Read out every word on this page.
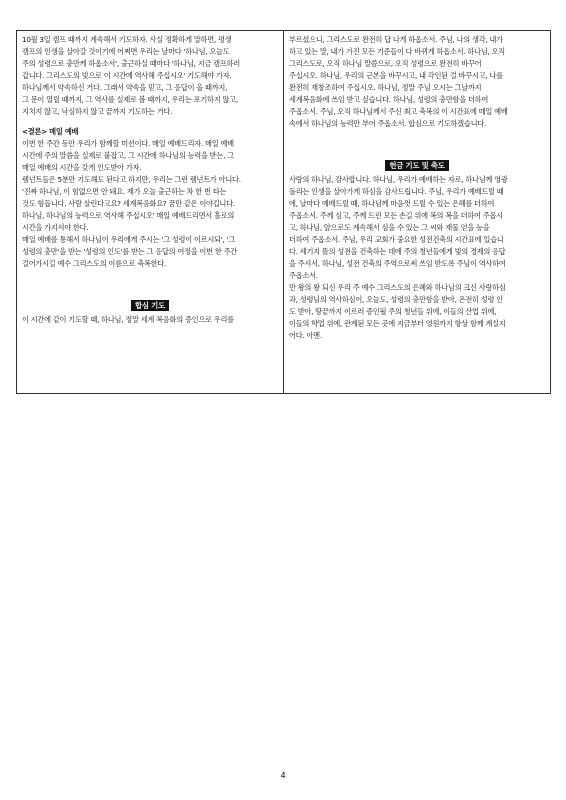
10월 3일 캠프 때까지 계속해서 기도하자. 사실 정확하게 말하면, 평생

캠프의 인생을 살아갈 것이기에 어쩌면 우리는 날마다 '하나님, 오늘도

주의 성령으로 충만케 하옵소서', 출근하실 때마다 '하나님, 지금 캠프하러

갑니다. 그리스도의 빛으로 이 시간에 역사해 주십시오' 기도해야 가자.

하나님께서 약속하신 거다. 그래서 약속을 믿고, 그 응답이 올 때까지,

그 문이 열릴 때까지, 그 역사를 실제로 볼 때까지, 우리는 포기하지 않고,

지치지 않고, 낙심하지 않고 끝까지 기도하는 거다.

<결론> 매일 예배

이번 한 주간 동안 우리가 함께할 미션이다. 매일 예배드리자. 매일 예배

시간에 주의 말씀을 실제로 붙잡고, 그 시간에 하나님의 능력을 받는, 그

매일 예배의 시간을 갖게 인도받아 가자.

렘넌트들은 5분만 기도해도 된다고 하지만, 우리는 그런 렘넌트가 아니다.

'진짜 하나님, 이 힘없으면 안 돼요. 제가 오늘 출근하는 차 한 번 타는

것도 힘듭니다. 사람 살린다고요? 세계복음화요? 꿈만 같은 이야깁니다.

하나님, 하나님의 능력으로 역사해 주십시오' 매일 예배드리면서 홀로의

시간을 가지셔야 한다.

매일 예배를 통해서 하나님이 우리에게 주시는 '그 성령이 이르시되', '그

성령의 충만'을 받는 '성령의 인도'를 받는 그 응답의 여정을 이번 한 주간

걸어가시길 예수 그리스도의 이름으로 축복한다.

합심 기도

이 시간에 같이 기도할 때, 하나님, 정말 세계 복음화의 증인으로 우리를

부르셨으니, 그리스도로 완전히 답 나게 하옵소서. 주님, 나의 생각, 내가

하고 있는 말, 내가 가진 모든 기준들이 다 바뀌게 하옵소서. 하나님, 오직

그리스도로, 오직 하나님 말씀으로, 오직 성령으로 완전히 바꾸어

주십시오. 하나님, 우리의 근본을 바꾸시고, 내 각인된 걸 바꾸시고, 나를

완전히 재창조하여 주십시오. 하나님, 정말 주님 오시는 그날까지

세계복음화에 쓰임 받고 싶습니다. 하나님, 성령의 충만함을 더하여

주옵소서. 주님, 오직 하나님께서 주신 최고 축복의 이 시간표에 매일 예배

속에서 하나님의 능력만 부어 주옵소서. 합심으로 기도하겠습니다.

헌금 기도 및 축도

사랑의 하나님, 감사합니다. 하나님, 우리가 예배하는 자로, 하나님께 영광

돌리는 인생을 살아가게 하심을 감사드립니다. 주님, 우리가 예배드릴 때

에, 날마다 예배드릴 때, 하나님께 마음껏 드릴 수 있는 은혜를 더하여

주옵소서. 주께 심고, 주께 드린 모든 손길 위에 복의 복을 더하여 주옵시

고, 하나님, 앞으로도 계속해서 심을 수 있는 그 씨와 재물 얻을 능을

더하여 주옵소서. 주님, 우리 교회가 중요한 성전건축의 시간표에 있습니

다. 세기지 뜰의 성전을 건축하는 데에 주의 청년들에게 빛의 경제의 응답

을 주셔서, 하나님, 성전 건축의 주역으로써 쓰임 받도록 주님이 역사하여

주옵소서.

만 왕의 왕 되신 우리 주 예수 그리스도의 은혜와 하나님의 크신 사랑하심

과, 성령님의 역사하심이, 오늘도, 성령의 충만함을 받아, 온전히 성령 인

도 받아, 땅끝까지 이르러 증인될 주의 청년들 위에, 이들의 산업 위에,

이들의 학업 위에, 관계된 모든 곳에 지금부터 영원까지 항상 함께 계실지

어다. 아멘.

4
